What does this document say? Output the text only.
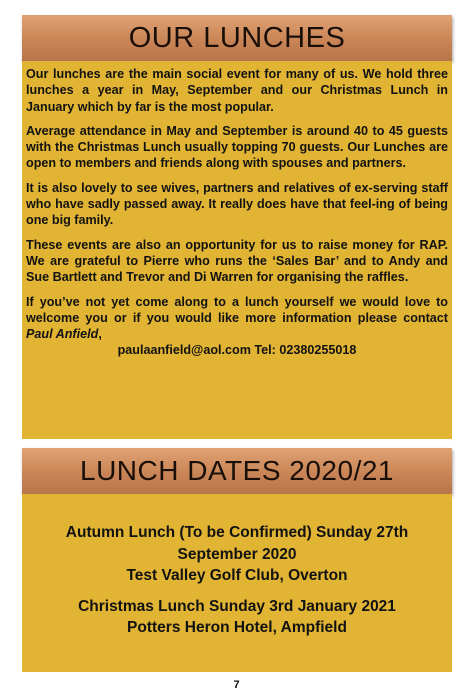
OUR LUNCHES

Our lunches are the main social event for many of us. We hold three lunches a year in May, September and our Christmas Lunch in January which by far is the most popular.

Average attendance in May and September is around 40 to 45 guests with the Christmas Lunch usually topping 70 guests. Our Lunches are open to members and friends along with spouses and partners.

It is also lovely to see wives, partners and relatives of ex-serving staff who have sadly passed away. It really does have that feel-ing of being one big family.

These events are also an opportunity for us to raise money for RAP. We are grateful to Pierre who runs the ‘Sales Bar’ and to Andy and Sue Bartlett and Trevor and Di Warren for organising the raffles.

If you’ve not yet come along to a lunch yourself we would love to welcome you or if you would like more information please contact Paul Anfield,

paulaanfield@aol.com Tel: 02380255018

LUNCH DATES 2020/21
Autumn Lunch (To be Confirmed) Sunday 27th
September 2020
Test Valley Golf Club, Overton
Christmas Lunch Sunday 3rd January 2021
Potters Heron Hotel, Ampfield
7
